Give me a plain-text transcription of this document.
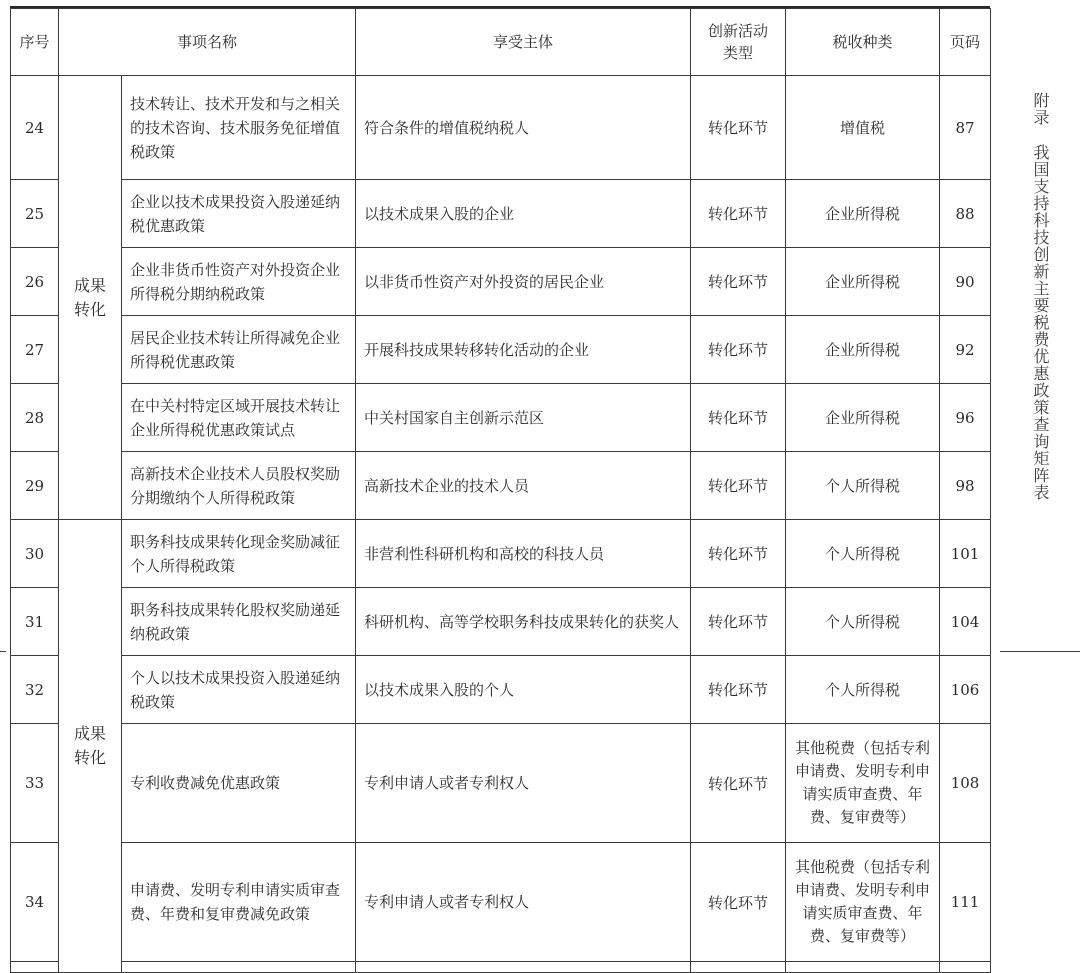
序号	事项名称		享受主体	创新活动类型	税收种类	页码	
24	成果转化	技术转让、技术开发和与之相关的技术咨询、技术服务免征增值税政策	符合条件的增值税纳税人	转化环节	增值税	87	
25		企业以技术成果投资入股递延纳税优惠政策	以技术成果入股的企业	转化环节	企业所得税	88	
26		企业非货币性资产对外投资企业所得税分期纳税政策	以非货币性资产对外投资的居民企业	转化环节	企业所得税	90	
27		居民企业技术转让所得减免企业所得税优惠政策	开展科技成果转移转化活动的企业	转化环节	企业所得税	92	
28		在中关村特定区域开展技术转让企业所得税优惠政策试点	中关村国家自主创新示范区	转化环节	企业所得税	96	
29		高新技术企业技术人员股权奖励分期缴纳个人所得税政策	高新技术企业的技术人员	转化环节	个人所得税	98	
30	成果转化	职务科技成果转化现金奖励减征个人所得税政策	非营利性科研机构和高校的科技人员	转化环节	个人所得税	101	
31		职务科技成果转化股权奖励递延纳税政策	科研机构、高等学校职务科技成果转化的获奖人	转化环节	个人所得税	104	
32		个人以技术成果投资入股递延纳税政策	以技术成果入股的个人	转化环节	个人所得税	106	
33		专利收费减免优惠政策	专利申请人或者专利权人	转化环节	其他税费（包括专利申请费、发明专利申请实质审查费、年费、复审费等）	108	
34		申请费、发明专利申请实质审查费、年费和复审费减免政策	专利申请人或者专利权人	转化环节	其他税费（包括专利申请费、发明专利申请实质审查费、年费、复审费等）	111	

附录我国支持科技创新主要税费优惠政策查询矩阵表
